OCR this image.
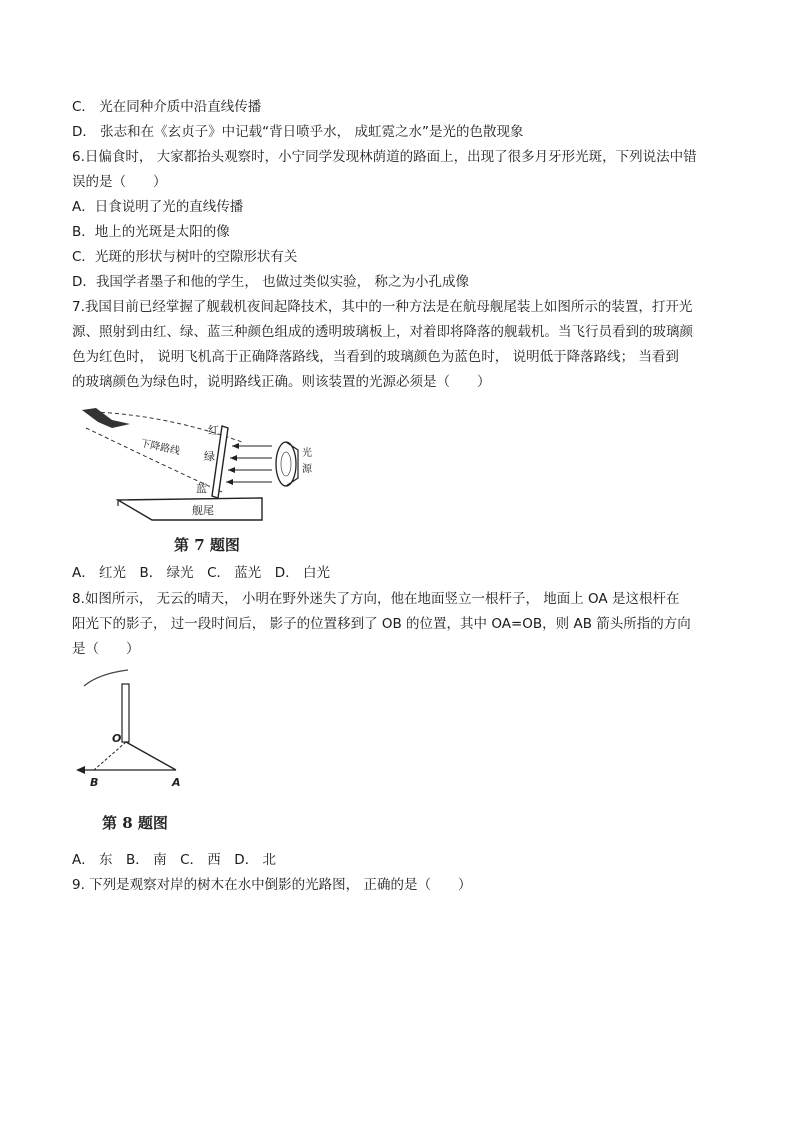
C． 光在同种介质中沿直线传播
D． 张志和在《玄贞子》中记载“背日喷乎水， 成虹霓之水”是光的色散现象
6.日偏食时， 大家都抬头观察时，小宁同学发现林荫道的路面上，出现了很多月牙形光斑，下列说法中错
误的是（　　）
A．日食说明了光的直线传播
B．地上的光斑是太阳的像
C．光斑的形状与树叶的空隙形状有关
D．我国学者墨子和他的学生， 也做过类似实验， 称之为小孔成像
7.我国目前已经掌握了舰载机夜间起降技术，其中的一种方法是在航母舰尾装上如图所示的装置，打开光
源、照射到由红、绿、蓝三种颜色组成的透明玻璃板上，对着即将降落的舰载机。当飞行员看到的玻璃颜
色为红色时， 说明飞机高于正确降落路线，当看到的玻璃颜色为蓝色时， 说明低于降落路线； 当看到
的玻璃颜色为绿色时，说明路线正确。则该装置的光源必须是（　　）
下降路线
红
绿
蓝
光
源
舰尾
第 7 题图
A． 红光　B． 绿光　C． 蓝光　D． 白光
8.如图所示， 无云的晴天， 小明在野外迷失了方向，他在地面竖立一根杆子， 地面上 OA 是这根杆在
阳光下的影子， 过一段时间后， 影子的位置移到了 OB 的位置，其中 OA=OB，则 AB 箭头所指的方向
是（　　）
O
A
B
第 8 题图
A． 东　B． 南　C． 西　D． 北
9. 下列是观察对岸的树木在水中倒影的光路图， 正确的是（　　）
